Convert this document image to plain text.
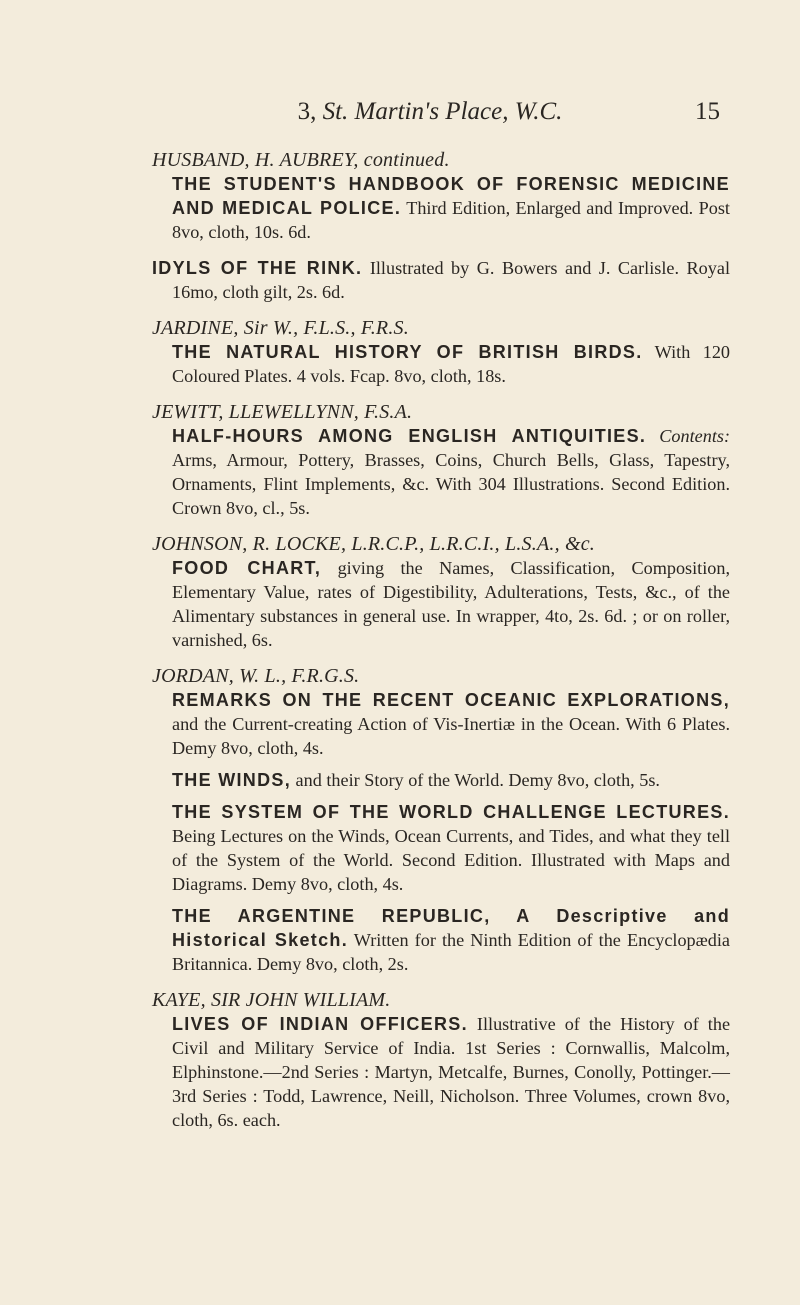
3, St. Martin's Place, W.C.	15

HUSBAND, H. AUBREY, continued.

THE STUDENT'S HANDBOOK OF FORENSIC MEDICINE AND MEDICAL POLICE. Third Edition, Enlarged and Improved. Post 8vo, cloth, 10s. 6d.

IDYLS OF THE RINK. Illustrated by G. Bowers and J. Carlisle. Royal 16mo, cloth gilt, 2s. 6d.

JARDINE, Sir W., F.L.S., F.R.S.

THE NATURAL HISTORY OF BRITISH BIRDS. With 120 Coloured Plates. 4 vols. Fcap. 8vo, cloth, 18s.

JEWITT, LLEWELLYNN, F.S.A.

HALF-HOURS AMONG ENGLISH ANTIQUITIES. Contents: Arms, Armour, Pottery, Brasses, Coins, Church Bells, Glass, Tapestry, Ornaments, Flint Implements, &c. With 304 Illustrations. Second Edition. Crown 8vo, cl., 5s.

JOHNSON, R. LOCKE, L.R.C.P., L.R.C.I., L.S.A., &c.

FOOD CHART, giving the Names, Classification, Composition, Elementary Value, rates of Digestibility, Adulterations, Tests, &c., of the Alimentary substances in general use. In wrapper, 4to, 2s. 6d. ; or on roller, varnished, 6s.

JORDAN, W. L., F.R.G.S.

REMARKS ON THE RECENT OCEANIC EXPLORATIONS, and the Current-creating Action of Vis-Inertiæ in the Ocean. With 6 Plates. Demy 8vo, cloth, 4s.

THE WINDS, and their Story of the World. Demy 8vo, cloth, 5s.

THE SYSTEM OF THE WORLD CHALLENGE LECTURES. Being Lectures on the Winds, Ocean Currents, and Tides, and what they tell of the System of the World. Second Edition. Illustrated with Maps and Diagrams. Demy 8vo, cloth, 4s.

THE ARGENTINE REPUBLIC, A Descriptive and Historical Sketch. Written for the Ninth Edition of the Encyclopædia Britannica. Demy 8vo, cloth, 2s.

KAYE, SIR JOHN WILLIAM.

LIVES OF INDIAN OFFICERS. Illustrative of the History of the Civil and Military Service of India. 1st Series : Cornwallis, Malcolm, Elphinstone.—2nd Series : Martyn, Metcalfe, Burnes, Conolly, Pottinger.—3rd Series : Todd, Lawrence, Neill, Nicholson. Three Volumes, crown 8vo, cloth, 6s. each.
